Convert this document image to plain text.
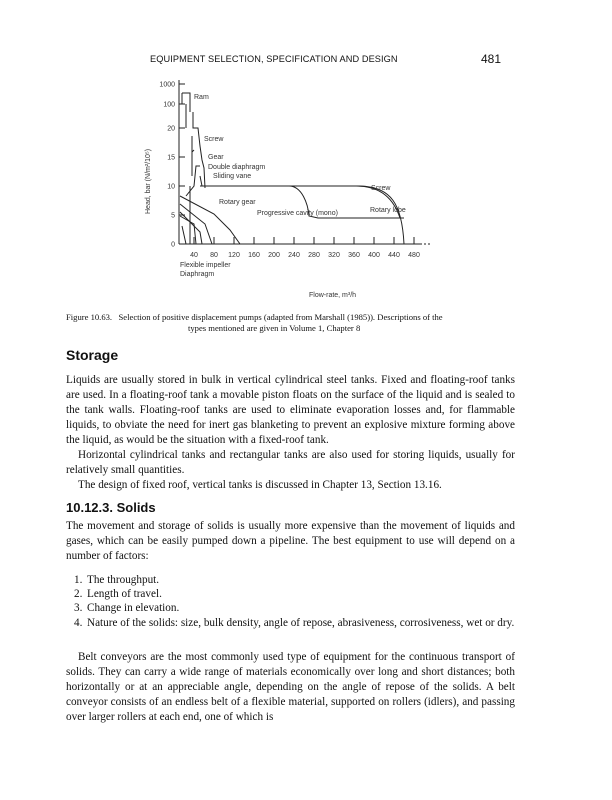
EQUIPMENT SELECTION, SPECIFICATION AND DESIGN	481
0
5
10
15
20
100
1000
40 80 120 160 200 240 280 320 360 400 440 480
Ram
Screw
Gear
Double diaphragm
Sliding vane
Screw
Rotary gear
Progressive cavity (mono)	Rotary lobe
Flexible impeller
Diaphragm
Flow-rate, m³/h
Head, bar (N/m²/10⁵)
Figure 10.63. Selection of positive displacement pumps (adapted from Marshall (1985)). Descriptions of the
types mentioned are given in Volume 1, Chapter 8
Storage

Liquids are usually stored in bulk in vertical cylindrical steel tanks. Fixed and floating-roof tanks are used. In a floating-roof tank a movable piston floats on the surface of the liquid and is sealed to the tank walls. Floating-roof tanks are used to eliminate evaporation losses and, for flammable liquids, to obviate the need for inert gas blanketing to prevent an explosive mixture forming above the liquid, as would be the situation with a fixed-roof tank.

Horizontal cylindrical tanks and rectangular tanks are also used for storing liquids, usually for relatively small quantities.

The design of fixed roof, vertical tanks is discussed in Chapter 13, Section 13.16.

10.12.3. Solids
The movement and storage of solids is usually more expensive than the movement of liquids and gases, which can be easily pumped down a pipeline. The best equipment to use will depend on a number of factors:
1. The throughput.
2. Length of travel.
3. Change in elevation.
4. Nature of the solids: size, bulk density, angle of repose, abrasiveness, corrosiveness, wet or dry.

Belt conveyors are the most commonly used type of equipment for the continuous transport of solids. They can carry a wide range of materials economically over long and short distances; both horizontally or at an appreciable angle, depending on the angle of repose of the solids. A belt conveyor consists of an endless belt of a flexible material, supported on rollers (idlers), and passing over larger rollers at each end, one of which is
